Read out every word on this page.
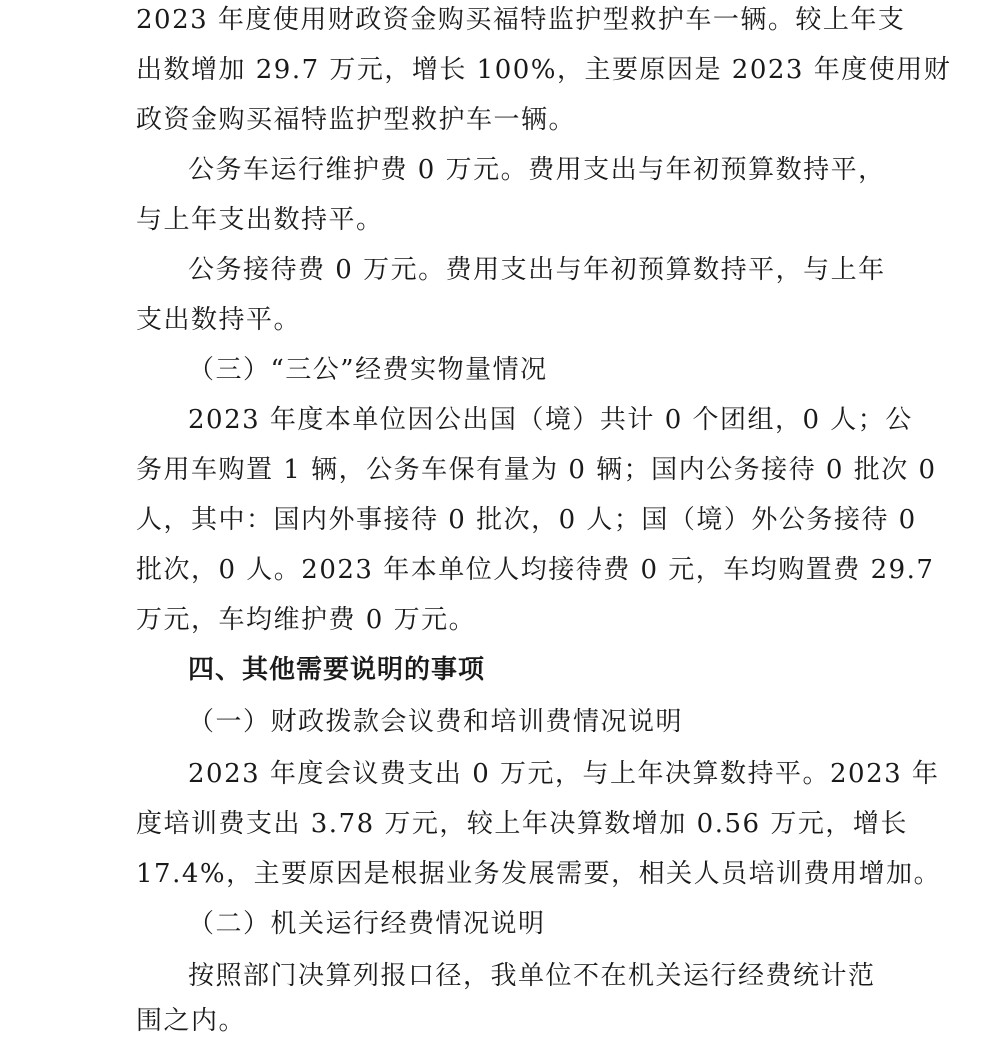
2023 年度使用财政资金购买福特监护型救护车一辆。较上年支
出数增加 29.7 万元，增长 100%，主要原因是 2023 年度使用财
政资金购买福特监护型救护车一辆。
公务车运行维护费 0 万元。费用支出与年初预算数持平，
与上年支出数持平。
公务接待费 0 万元。费用支出与年初预算数持平，与上年
支出数持平。
（三）“三公”经费实物量情况
2023 年度本单位因公出国（境）共计 0 个团组，0 人；公
务用车购置 1 辆，公务车保有量为 0 辆；国内公务接待 0 批次 0
人，其中：国内外事接待 0 批次，0 人；国（境）外公务接待 0
批次，0 人。2023 年本单位人均接待费 0 元，车均购置费 29.7
万元，车均维护费 0 万元。
四、其他需要说明的事项
（一）财政拨款会议费和培训费情况说明
2023 年度会议费支出 0 万元，与上年决算数持平。2023 年
度培训费支出 3.78 万元，较上年决算数增加 0.56 万元，增长
17.4%，主要原因是根据业务发展需要，相关人员培训费用增加。
（二）机关运行经费情况说明
按照部门决算列报口径，我单位不在机关运行经费统计范
围之内。
